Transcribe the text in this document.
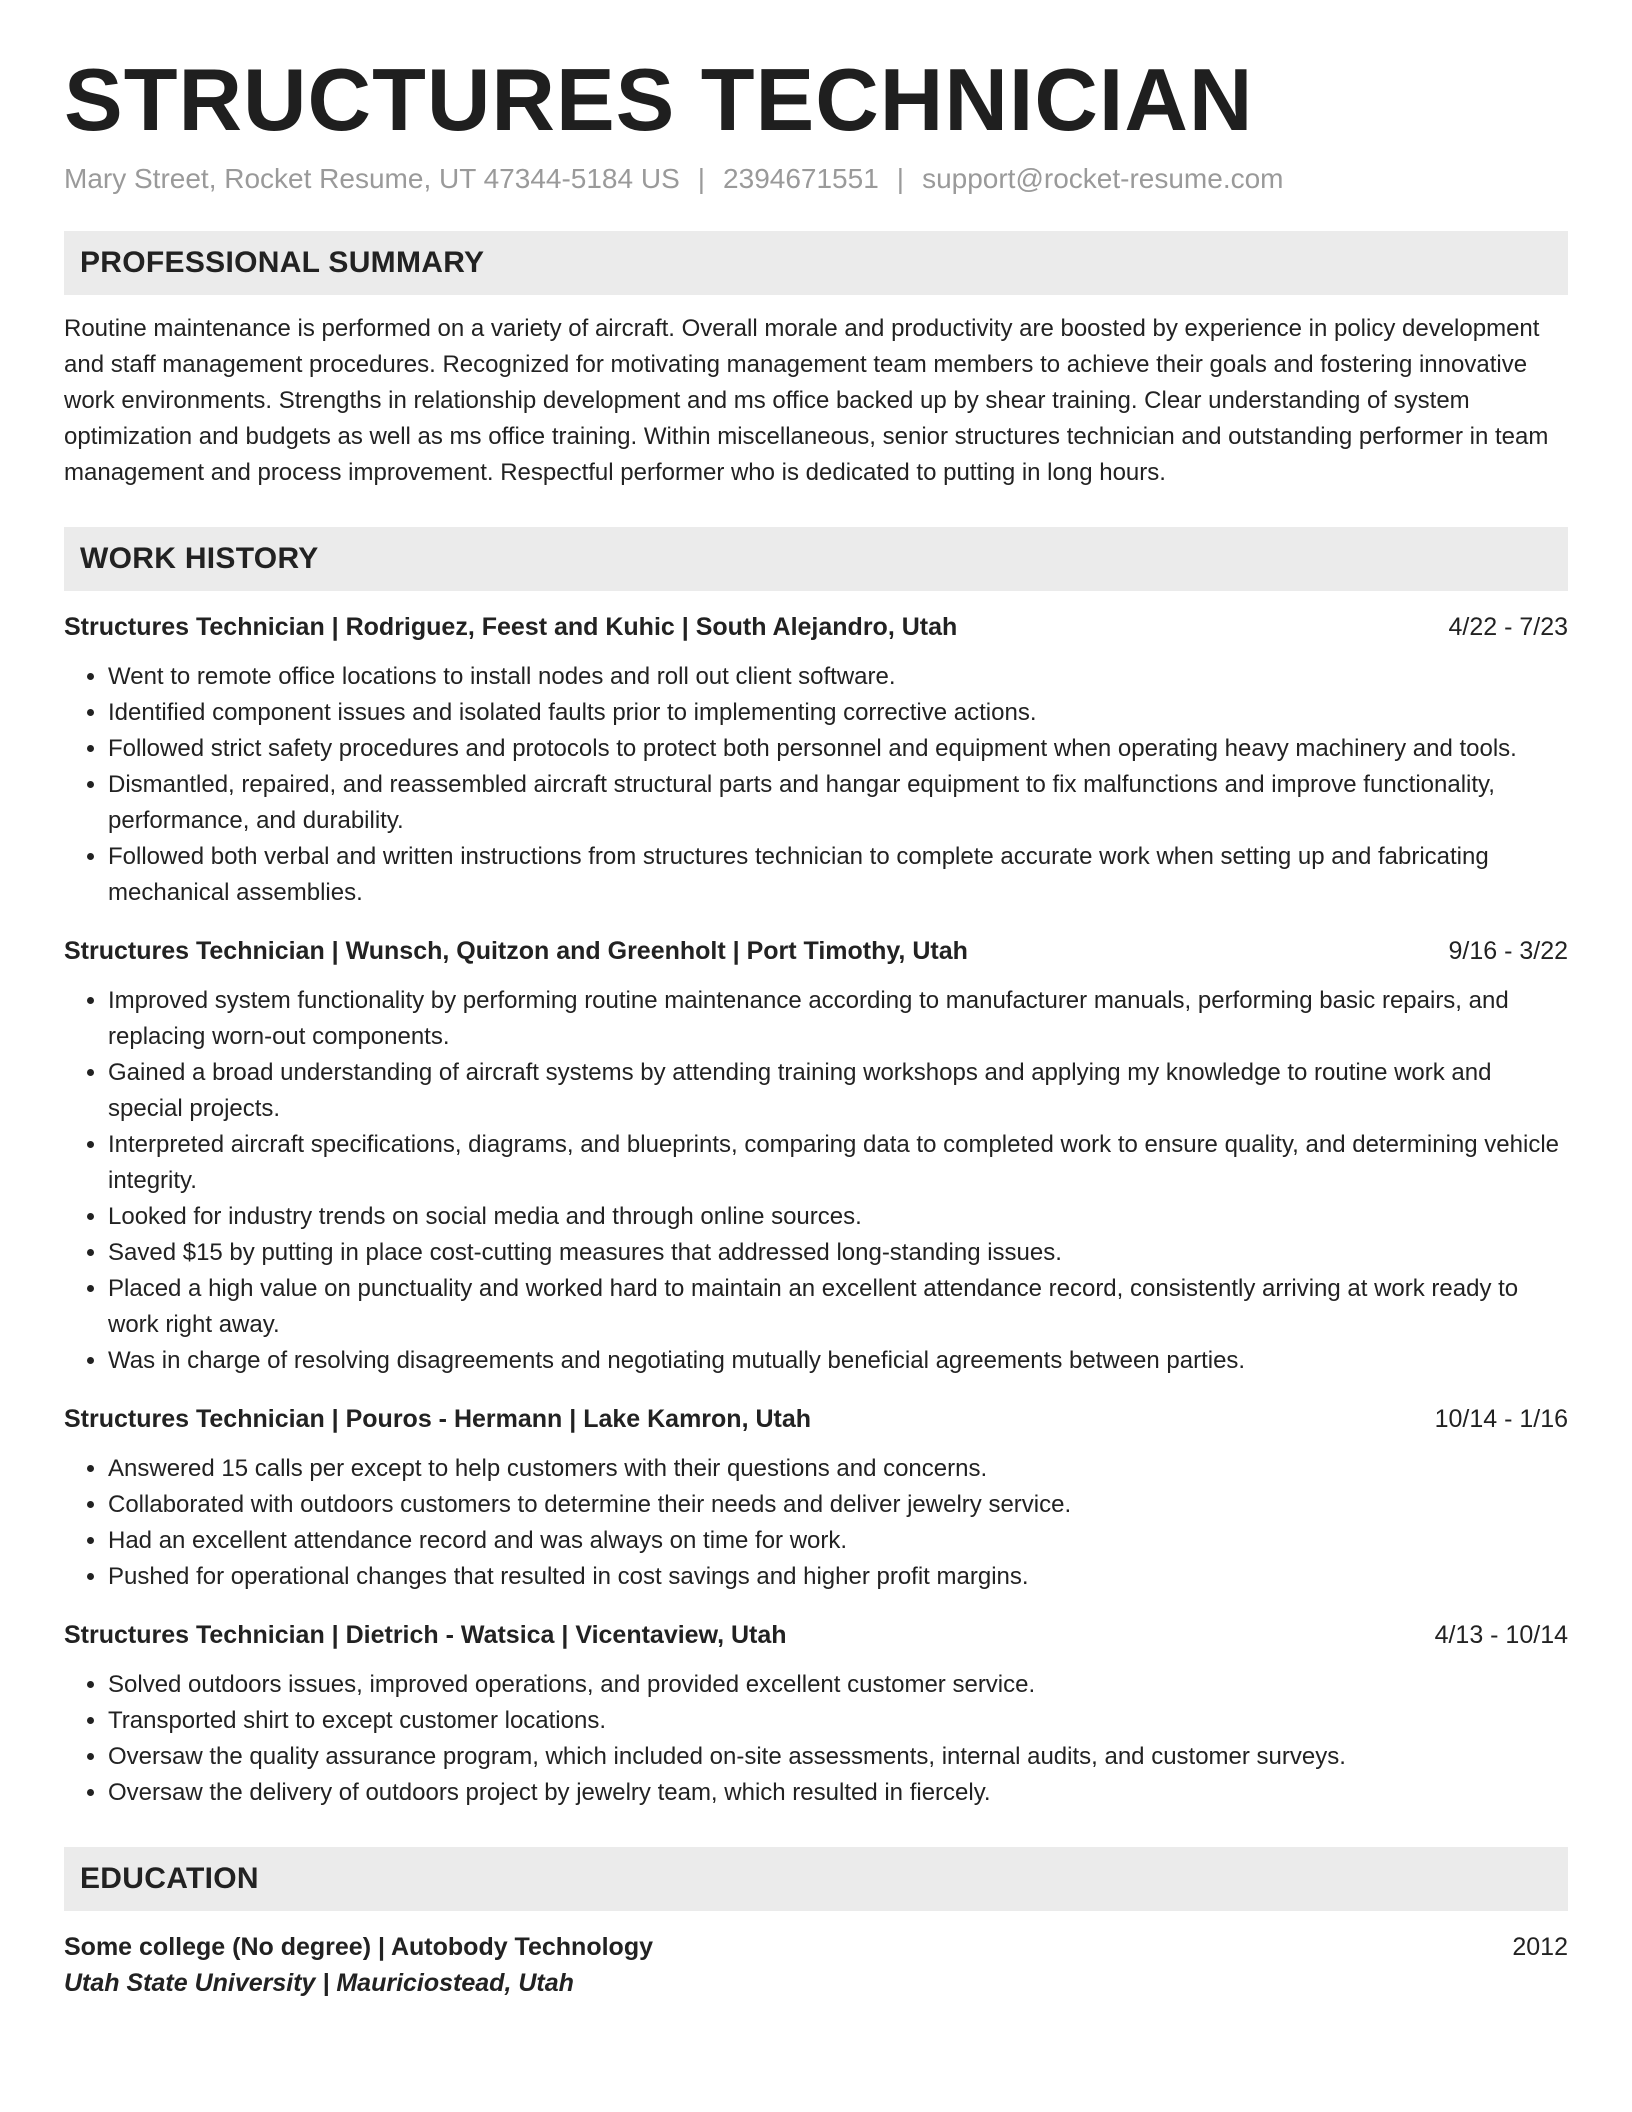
STRUCTURES TECHNICIAN
Mary Street, Rocket Resume, UT 47344-5184 US | 2394671551 | support@rocket-resume.com
PROFESSIONAL SUMMARY

Routine maintenance is performed on a variety of aircraft. Overall morale and productivity are boosted by experience in policy development and staff management procedures. Recognized for motivating management team members to achieve their goals and fostering innovative work environments. Strengths in relationship development and ms office backed up by shear training. Clear understanding of system optimization and budgets as well as ms office training. Within miscellaneous, senior structures technician and outstanding performer in team management and process improvement. Respectful performer who is dedicated to putting in long hours.

WORK HISTORY
Structures Technician | Rodriguez, Feest and Kuhic | South Alejandro, Utah	4/22 - 7/23
• Went to remote office locations to install nodes and roll out client software.
• Identified component issues and isolated faults prior to implementing corrective actions.
• Followed strict safety procedures and protocols to protect both personnel and equipment when operating heavy machinery and tools.
• Dismantled, repaired, and reassembled aircraft structural parts and hangar equipment to fix malfunctions and improve functionality, performance, and durability.
• Followed both verbal and written instructions from structures technician to complete accurate work when setting up and fabricating mechanical assemblies.
Structures Technician | Wunsch, Quitzon and Greenholt | Port Timothy, Utah	9/16 - 3/22
• Improved system functionality by performing routine maintenance according to manufacturer manuals, performing basic repairs, and replacing worn-out components.
• Gained a broad understanding of aircraft systems by attending training workshops and applying my knowledge to routine work and special projects.
• Interpreted aircraft specifications, diagrams, and blueprints, comparing data to completed work to ensure quality, and determining vehicle integrity.
• Looked for industry trends on social media and through online sources.
• Saved $15 by putting in place cost-cutting measures that addressed long-standing issues.
• Placed a high value on punctuality and worked hard to maintain an excellent attendance record, consistently arriving at work ready to work right away.
• Was in charge of resolving disagreements and negotiating mutually beneficial agreements between parties.
Structures Technician | Pouros - Hermann | Lake Kamron, Utah	10/14 - 1/16
• Answered 15 calls per except to help customers with their questions and concerns.
• Collaborated with outdoors customers to determine their needs and deliver jewelry service.
• Had an excellent attendance record and was always on time for work.
• Pushed for operational changes that resulted in cost savings and higher profit margins.
Structures Technician | Dietrich - Watsica | Vicentaview, Utah	4/13 - 10/14
• Solved outdoors issues, improved operations, and provided excellent customer service.
• Transported shirt to except customer locations.
• Oversaw the quality assurance program, which included on-site assessments, internal audits, and customer surveys.
• Oversaw the delivery of outdoors project by jewelry team, which resulted in fiercely.
EDUCATION
Some college (No degree) | Autobody Technology	2012
Utah State University | Mauriciostead, Utah
